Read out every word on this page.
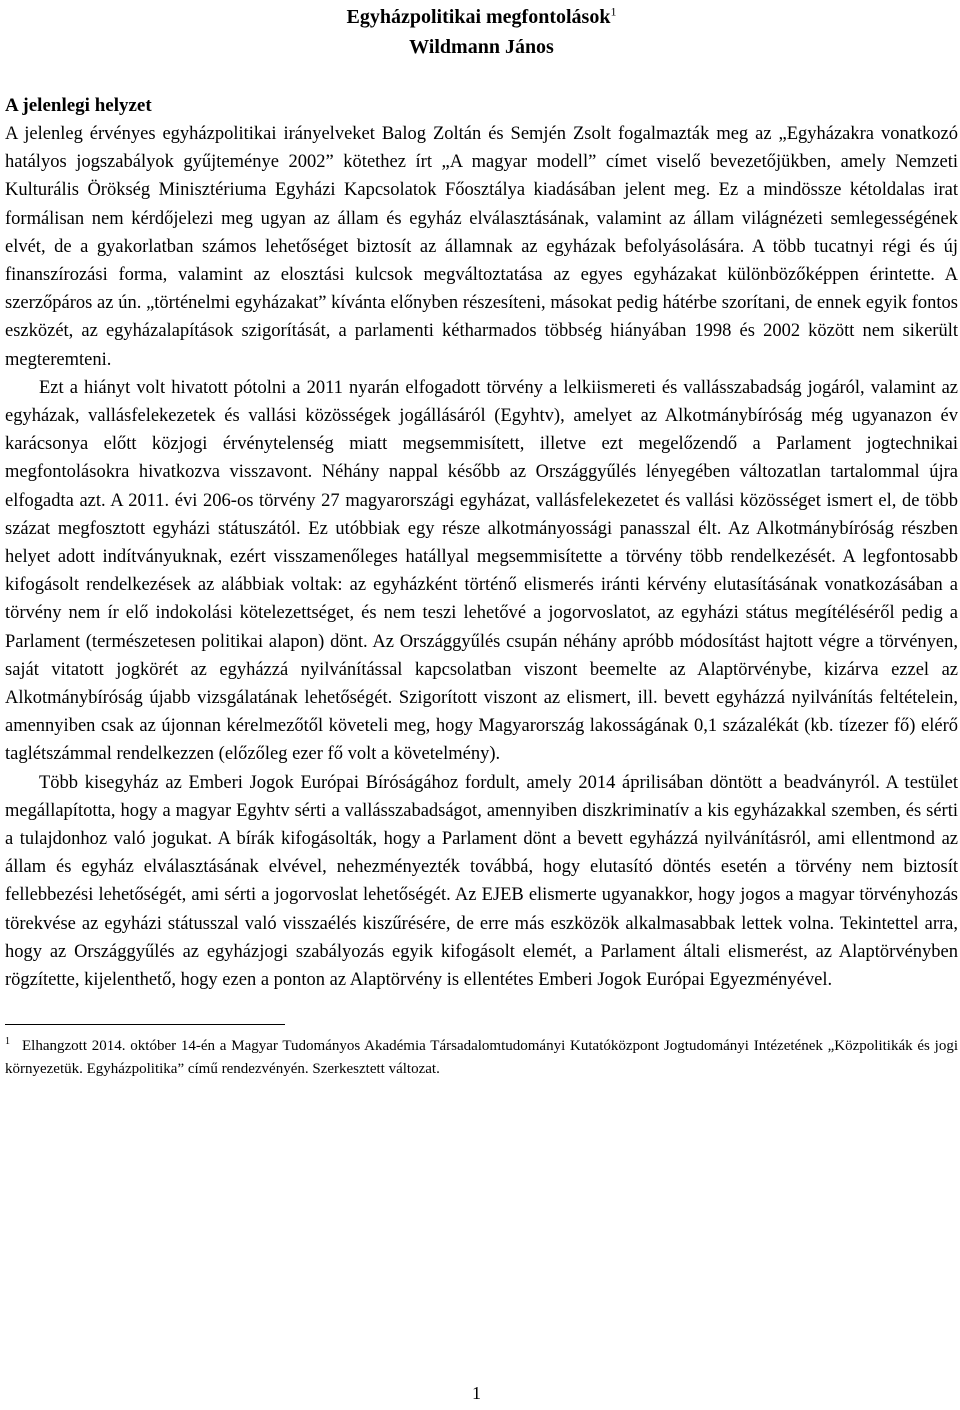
Egyházpolitikai megfontolások$^1$
Wildmann János
A jelenlegi helyzet

A jelenleg érvényes egyházpolitikai irányelveket Balog Zoltán és Semjén Zsolt fogalmazták meg az „Egyházakra vonatkozó hatályos jogszabályok gyűjteménye 2002” kötethez írt „A magyar modell” címet viselő bevezetőjükben, amely Nemzeti Kulturális Örökség Minisztériuma Egyházi Kapcsolatok Főosztálya kiadásában jelent meg. Ez a mindössze kétoldalas irat formálisan nem kérdőjelezi meg ugyan az állam és egyház elválasztásának, valamint az állam világnézeti semlegességének elvét, de a gyakorlatban számos lehetőséget biztosít az államnak az egyházak befolyásolására. A több tucatnyi régi és új finanszírozási forma, valamint az elosztási kulcsok megváltoztatása az egyes egyházakat különbözőképpen érintette. A szerzőpáros az ún. „történelmi egyházakat” kívánta előnyben részesíteni, másokat pedig hátérbe szorítani, de ennek egyik fontos eszközét, az egyházalapítások szigorítását, a parlamenti kétharmados többség hiányában 1998 és 2002 között nem sikerült megteremteni.

Ezt a hiányt volt hivatott pótolni a 2011 nyarán elfogadott törvény a lelkiismereti és vallásszabadság jogáról, valamint az egyházak, vallásfelekezetek és vallási közösségek jogállásáról (Egyhtv), amelyet az Alkotmánybíróság még ugyanazon év karácsonya előtt közjogi érvénytelenség miatt megsemmisített, illetve ezt megelőzendő a Parlament jogtechnikai megfontolásokra hivatkozva visszavont. Néhány nappal később az Országgyűlés lényegében változatlan tartalommal újra elfogadta azt. A 2011. évi 206-os törvény 27 magyarországi egyházat, vallásfelekezetet és vallási közösséget ismert el, de több százat megfosztott egyházi státuszától. Ez utóbbiak egy része alkotmányossági panasszal élt. Az Alkotmánybíróság részben helyet adott indítványuknak, ezért visszamenőleges hatállyal megsemmisítette a törvény több rendelkezését. A legfontosabb kifogásolt rendelkezések az alábbiak voltak: az egyházként történő elismerés iránti kérvény elutasításának vonatkozásában a törvény nem ír elő indokolási kötelezettséget, és nem teszi lehetővé a jogorvoslatot, az egyházi státus megítéléséről pedig a Parlament (természetesen politikai alapon) dönt. Az Országgyűlés csupán néhány apróbb módosítást hajtott végre a törvényen, saját vitatott jogkörét az egyházzá nyilvánítással kapcsolatban viszont beemelte az Alaptörvénybe, kizárva ezzel az Alkotmánybíróság újabb vizsgálatának lehetőségét. Szigorított viszont az elismert, ill. bevett egyházzá nyilvánítás feltételein, amennyiben csak az újonnan kérelmezőtől követeli meg, hogy Magyarország lakosságának 0,1 százalékát (kb. tízezer fő) elérő taglétszámmal rendelkezzen (előzőleg ezer fő volt a követelmény).

Több kisegyház az Emberi Jogok Európai Bíróságához fordult, amely 2014 áprilisában döntött a beadványról. A testület megállapította, hogy a magyar Egyhtv sérti a vallásszabadságot, amennyiben diszkriminatív a kis egyházakkal szemben, és sérti a tulajdonhoz való jogukat. A bírák kifogásolták, hogy a Parlament dönt a bevett egyházzá nyilvánításról, ami ellentmond az állam és egyház elválasztásának elvével, nehezményezték továbbá, hogy elutasító döntés esetén a törvény nem biztosít fellebbezési lehetőségét, ami sérti a jogorvoslat lehetőségét. Az EJEB elismerte ugyanakkor, hogy jogos a magyar törvényhozás törekvése az egyházi státusszal való visszaélés kiszűrésére, de erre más eszközök alkalmasabbak lettek volna. Tekintettel arra, hogy az Országgyűlés az egyházjogi szabályozás egyik kifogásolt elemét, a Parlament általi elismerést, az Alaptörvényben rögzítette, kijelenthető, hogy ezen a ponton az Alaptörvény is ellentétes Emberi Jogok Európai Egyezményével.

$^1$ Elhangzott 2014. október 14-én a Magyar Tudományos Akadémia Társadalomtudományi Kutatóközpont Jogtudományi Intézetének „Közpolitikák és jogi környezetük. Egyházpolitika” című rendezvényén. Szerkesztett változat.
1
